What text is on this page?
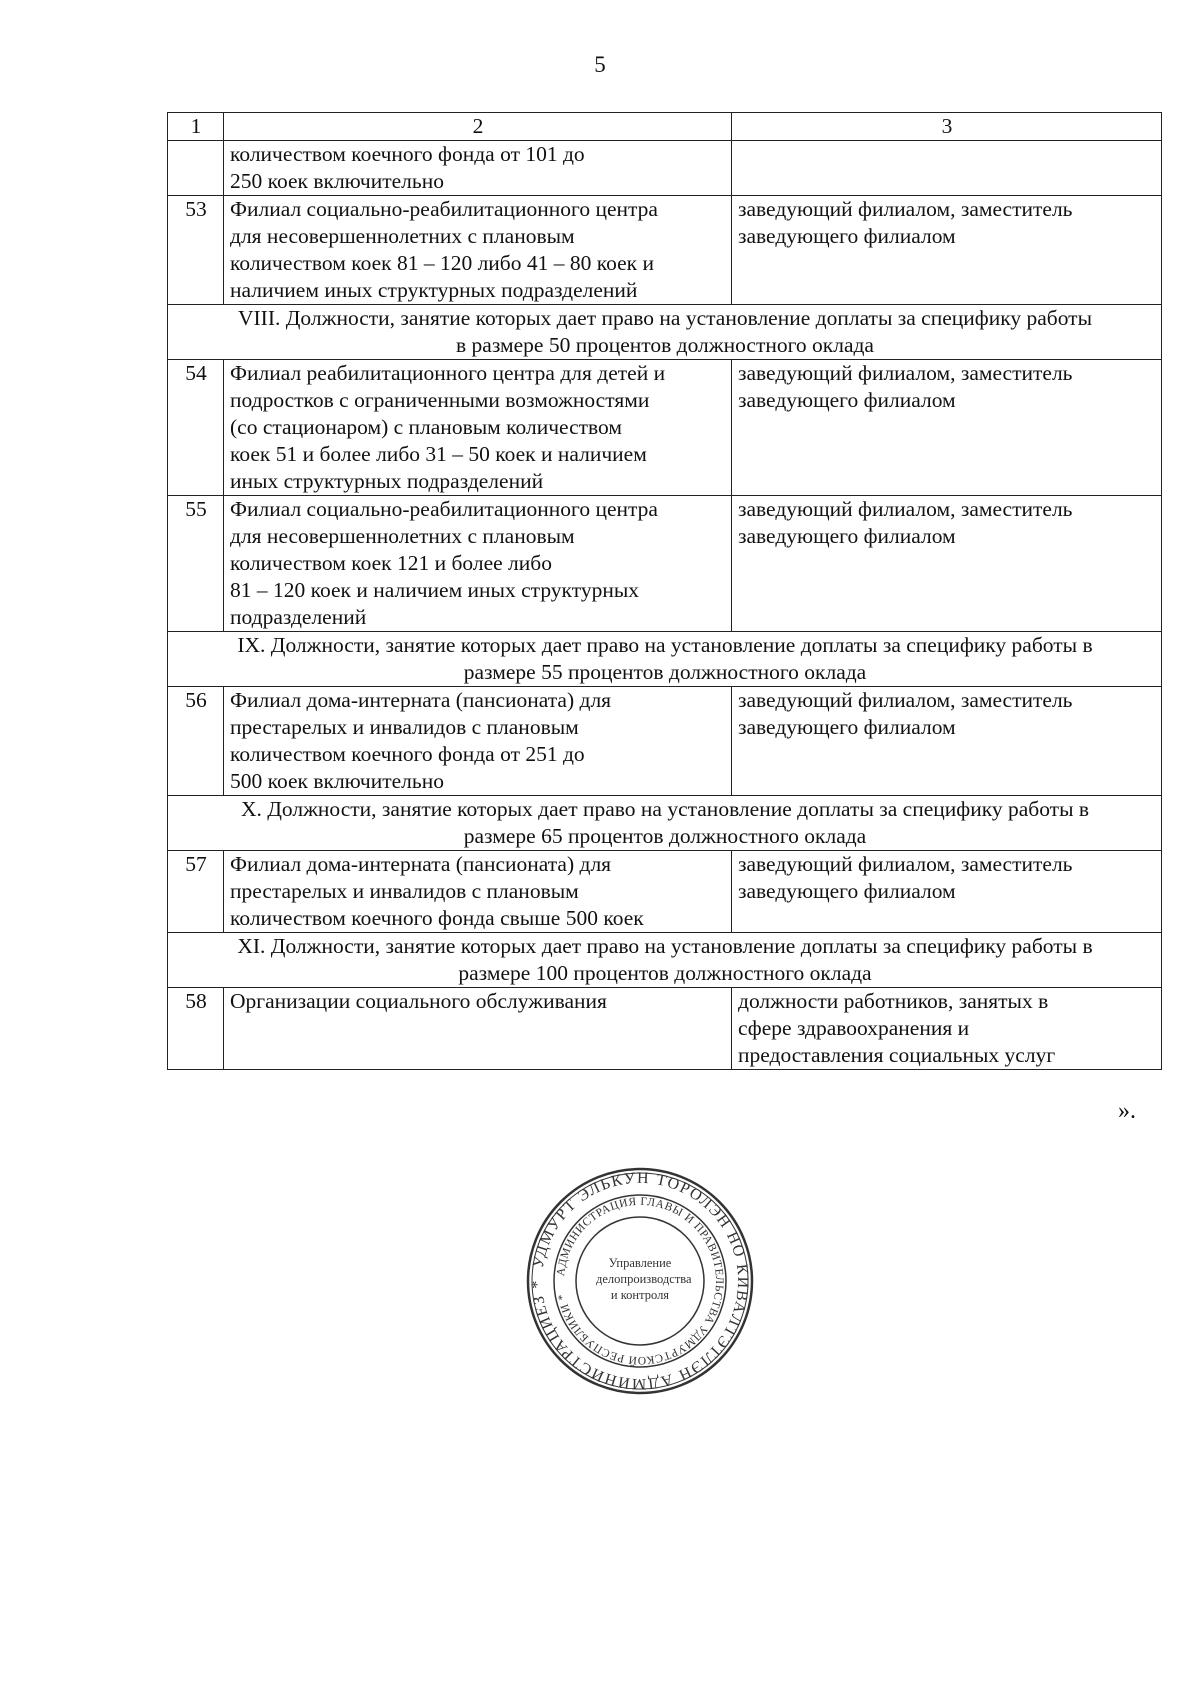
5
1	2	3

	количеством коечного фонда от 101 до
250 коек включительно	

53	Филиал социально-реабилитационного центра
для несовершеннолетних с плановым
количеством коек 81 – 120 либо 41 – 80 коек и
наличием иных структурных подразделений	заведующий филиалом, заместитель
заведующего филиалом

VIII. Должности, занятие которых дает право на установление доплаты за специфику работы
в размере 50 процентов должностного оклада		

54	Филиал реабилитационного центра для детей и
подростков с ограниченными возможностями
(со стационаром) с плановым количеством
коек 51 и более либо 31 – 50 коек и наличием
иных структурных подразделений	заведующий филиалом, заместитель
заведующего филиалом

55	Филиал социально-реабилитационного центра
для несовершеннолетних с плановым
количеством коек 121 и более либо
81 – 120 коек и наличием иных структурных
подразделений	заведующий филиалом, заместитель
заведующего филиалом

IX. Должности, занятие которых дает право на установление доплаты за специфику работы в
размере 55 процентов должностного оклада		

56	Филиал дома-интерната (пансионата) для
престарелых и инвалидов с плановым
количеством коечного фонда от 251 до
500 коек включительно	заведующий филиалом, заместитель
заведующего филиалом

X. Должности, занятие которых дает право на установление доплаты за специфику работы в
размере 65 процентов должностного оклада		

57	Филиал дома-интерната (пансионата) для
престарелых и инвалидов с плановым
количеством коечного фонда свыше 500 коек	заведующий филиалом, заместитель
заведующего филиалом

XI. Должности, занятие которых дает право на установление доплаты за специфику работы в
размере 100 процентов должностного оклада		

58	Организации социального обслуживания	должности работников, занятых в
сфере здравоохранения и
предоставления социальных услуг
».
УДМУРТ ЭЛЬКУН ТОРОЛЭН НО КИВАЛТЭТЛЭН АДМИНИСТРАЦИЕЗ *
АДМИНИСТРАЦИЯ ГЛАВЫ И ПРАВИТЕЛЬСТВА УДМУРТСКОЙ РЕСПУБЛИКИ *
Управление
делопроизводства
и контроля
